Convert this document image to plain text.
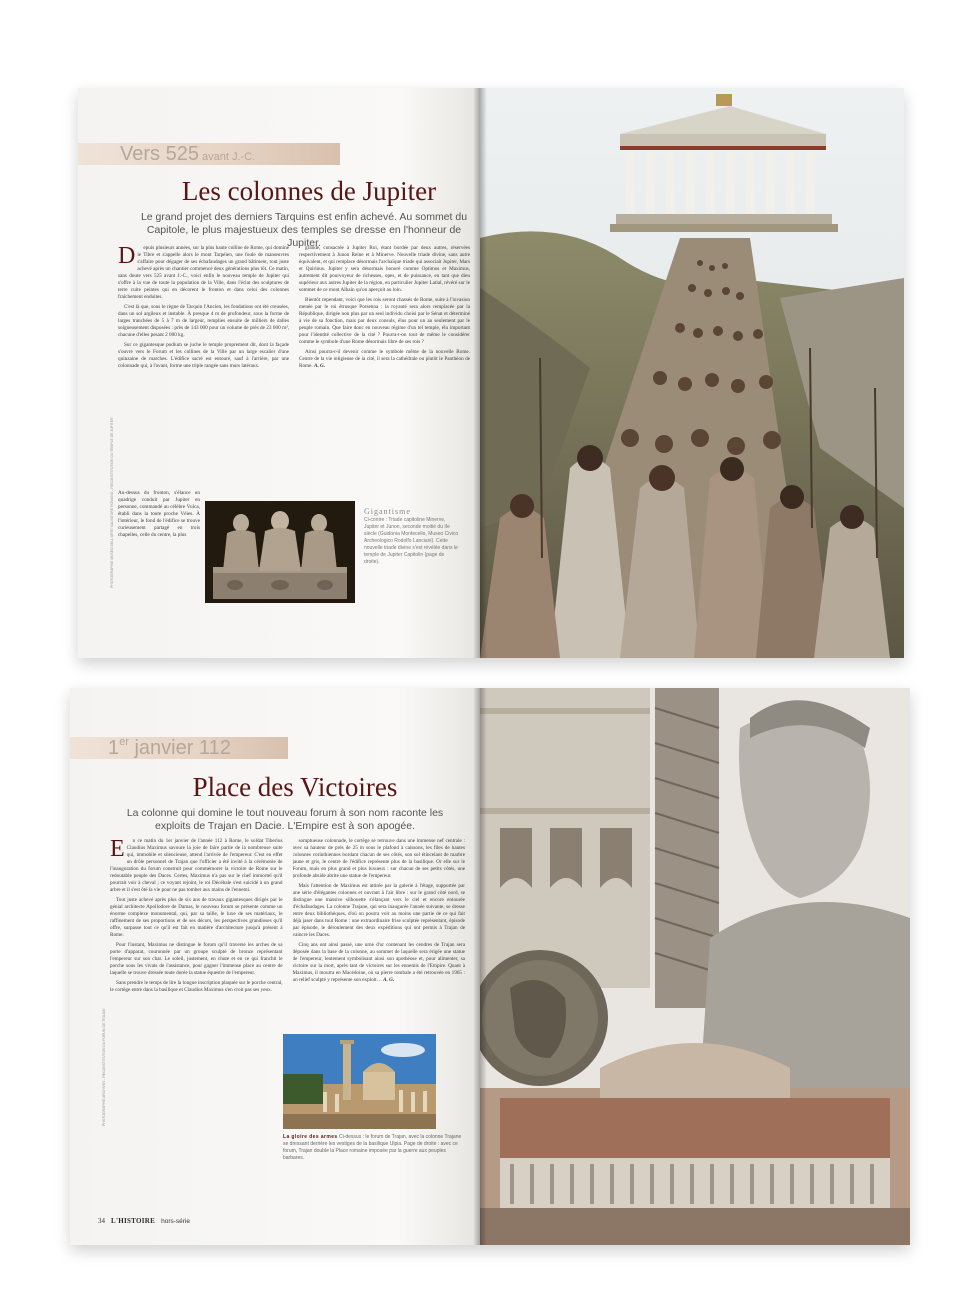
Vers 525 avant J.-C.
Les colonnes de Jupiter

Le grand projet des derniers Tarquins est enfin achevé. Au sommet du Capitole, le plus majestueux des temples se dresse en l'honneur de Jupiter.

D epuis plusieurs années, sur la plus haute colline de Rome, qui domine le Tibre et s'appelle alors le mont Tarpéien, une foule de manœuvres s'affaire pour dégager de ses échafaudages un grand bâtiment, tout juste achevé après un chantier commencé deux générations plus tôt. Ce matin, sans doute vers 525 avant J.-C., voici enfin le nouveau temple de Jupiter qui s'offre à la vue de toute la population de la Ville, dans l'éclat des sculptures de terre cuite peintes qui en décorent le fronton et dans celui des colonnes fraîchement enduites.

C'est là que, sous le règne de Tarquin l'Ancien, les fondations ont été creusées, dans un sol argileux et instable. À presque 4 m de profondeur, sous la forme de larges tranchées de 5 à 7 m de largeur, remplies ensuite de milliers de dalles soigneusement disposées : près de 143 000 pour un volume de près de 23 000 m³, chacune d'elles pesant 2 000 kg.

Sur ce gigantesque podium se juche le temple proprement dit, dont la façade s'ouvre vers le Forum et les collines de la Ville par un large escalier d'une quinzaine de marches. L'édifice sacré est entouré, sauf à l'arrière, par une colonnade qui, à l'avant, forme une triple rangée sans murs latéraux.

grande, consacrée à Jupiter Roi, étant bordée par deux autres, réservées respectivement à Junon Reine et à Minerve. Nouvelle triade divine, sans autre équivalent, et qui remplace désormais l'archaïque triade qui associait Jupiter, Mars et Quirinus. Jupiter y sera désormais honoré comme Optimus et Maximus, autrement dit pourvoyeur de richesses, opes, et de puissance, en tant que dieu supérieur aux autres Jupiter de la région, en particulier Jupiter Latial, révéré sur le sommet de ce mont Albain qu'on aperçoit au loin.

Bientôt cependant, voici que les rois seront chassés de Rome, suite à l'invasion menée par le roi étrusque Porsenna : la royauté sera alors remplacée par la République, dirigée non plus par un seul individu choisi par le Sénat et déterminé à vie de sa fonction, mais par deux consuls, élus pour un an seulement par le peuple romain. Que faire donc en nouveau régime d'un tel temple, élu important pour l'identité collective de la cité ? Pourra-t-on tout de même le considérer comme le symbole d'une Rome désormais libre de ses rois ?

Ainsi pourra-t-il devenir comme le symbole même de la nouvelle Rome. Centre de la vie religieuse de la cité, il sera la cathédrale ou plutôt le Panthéon de Rome. A. G.

Au-dessus du fronton, s'élance un quadrige conduit par Jupiter en personne, commandé au célèbre Vulca, établi dans la toute proche Véies. À l'intérieur, le fond de l'édifice se trouve curieusement partagé en trois chapelles, celle du centre, la plus
Gigantisme
Ci-contre : Triade capitoline Minerve, Jupiter et Junon, seconde moitié du IIe siècle (Guidonia Montecelio, Museo Civico Archeologico Rodolfo Lanciani). Cette nouvelle triade divine s'est révélée dans le temple de Jupiter Capitolin (page de droite).
PHOTOGRAPHIE MUSEO DELL'ARTE SALVATORE ROMANO - RECONSTITUTION DU TEMPLE DE JUPITER
1er janvier 112
Place des Victoires

La colonne qui domine le tout nouveau forum à son nom raconte les exploits de Trajan en Dacie. L'Empire est à son apogée.

E n ce matin du 1er janvier de l'année 112 à Rome, le soldat Tiberius Claudius Maximus savoure la joie de faire partie de la nombreuse suite qui, immobile et silencieuse, attend l'arrivée de l'empereur. C'est en effet un drôle personnel de Trajan que l'officier a été invité à la cérémonie de l'inauguration du forum construit pour commémorer la victoire de Rome sur le redoutable peuple des Daces. Certes, Maximus n'a pas sur le chef immortel qu'il pourrait voir à cheval ; ce voyant rejoint, le roi Décébale s'est suicidé à un grand arbre et il s'est ôté la vie pour ne pas tomber aux mains de l'ennemi.

Tout juste achevé après plus de six ans de travaux gigantesques dirigés par le génial architecte Apollodore de Damas, le nouveau forum se présente comme un énorme complexe monumental, qui, par sa taille, le luxe de ses matériaux, le raffinement de ses proportions et de ses décors, les perspectives grandioses qu'il offre, surpasse tout ce qu'il est fait en matière d'architecture jusqu'à présent à Rome.

Pour l'instant, Maximus ne distingue le forum qu'il traverse les arches de sa porte d'apparat, couronnée par un groupe sculpté de bronze représentant l'empereur sur son char. Le soleil, justement, en chute et en ce qui franchit le porche sous les vivats de l'assistance, pour gagner l'immense place au centre de laquelle se trouve dressée toute dorée la statue équestre de l'empereur.

Sans prendre le temps de lire la longue inscription plaquée sur le porche central, le cortège entre dans la basilique et Claudius Maximus s'en croit pas ses yeux.

somptueuse colonnade, le cortège se retrouve dans une immense nef centrale : avec sa hauteur de près de 25 m sous le plafond à caissons, les files de hautes colonnes corinthiennes bordant chacun de ses côtés, son sol étincelant de marbre jaune et gris, le centre de l'édifice représente plus de la basilique. Or elle sur le Forum, mais en plus grand et plus luxueux : sur chacun de ses petits côtés, une profonde abside abrite une statue de l'empereur.

Mais l'attention de Maximus est attirée par la galerie à l'étage, supportée par une série d'élégantes colonnes et ouvrant à l'air libre : sur le grand côté nord, se distingue une massive silhouette s'élançant vers le ciel et encore entourée d'échafaudages. La colonne Trajane, qui sera inaugurée l'année suivante, se dresse entre deux bibliothèques, d'où on pourra voir au moins une partie de ce qui fait déjà jaser dans tout Rome : une extraordinaire frise sculptée représentant, épisode par épisode, le déroulement des deux expéditions qui ont permis à Trajan de vaincre les Daces.

Cinq ans ont ainsi passé, une urne d'or contenant les cendres de Trajan sera déposée dans la base de la colonne, au sommet de laquelle sera érigée une statue de l'empereur, lentement symbolisant ainsi son apothéose et, pour alimenter, sa victoire sur la mort, après tant de victoires sur les ennemis de l'Empire. Quant à Maximus, il mourra en Macédoine, où sa pierre tombale a été retrouvée en 1965 : un relief sculpté y représente son exploit… A. G.

La gloire des armes Ci-dessus : le forum de Trajan, avec la colonne Trajane se dressant derrière les vestiges de la basilique Ulpia. Page de droite : avec ce forum, Trajan double la Place romaine imposée par la guerre aux peuples barbares.
PHOTOGRAPHIE ARCHIVES - RECONSTITUTION DU FORUM DE TRAJAN
34 L'HISTOIRE hors-série
